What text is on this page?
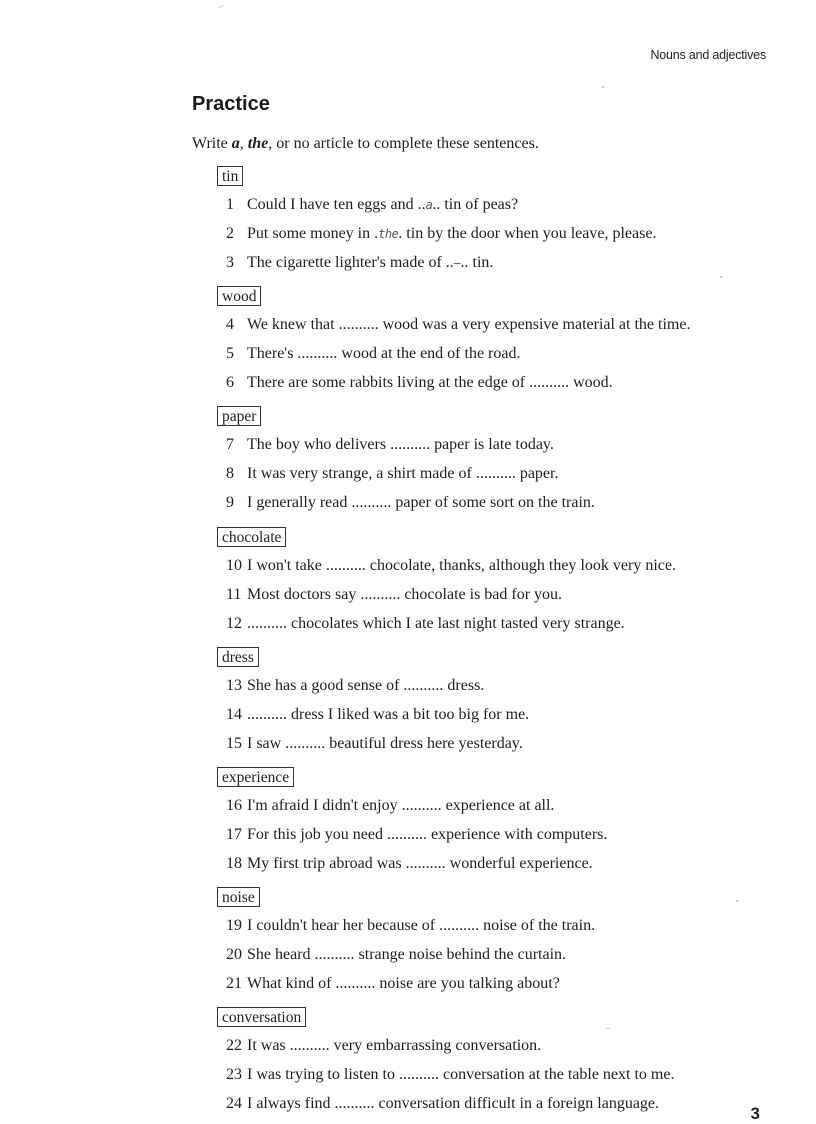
Nouns and adjectives
Practice
Write a, the, or no article to complete these sentences.
tin
1 Could I have ten eggs and ..a.. tin of peas?
2 Put some money in .the. tin by the door when you leave, please.
3 The cigarette lighter's made of ..–.. tin.
wood
4 We knew that .......... wood was a very expensive material at the time.
5 There's .......... wood at the end of the road.
6 There are some rabbits living at the edge of .......... wood.
paper
7 The boy who delivers .......... paper is late today.
8 It was very strange, a shirt made of .......... paper.
9 I generally read .......... paper of some sort on the train.
chocolate
10 I won't take .......... chocolate, thanks, although they look very nice.
11 Most doctors say .......... chocolate is bad for you.
12 .......... chocolates which I ate last night tasted very strange.
dress
13 She has a good sense of .......... dress.
14 .......... dress I liked was a bit too big for me.
15 I saw .......... beautiful dress here yesterday.
experience
16 I'm afraid I didn't enjoy .......... experience at all.
17 For this job you need .......... experience with computers.
18 My first trip abroad was .......... wonderful experience.
noise
19 I couldn't hear her because of .......... noise of the train.
20 She heard .......... strange noise behind the curtain.
21 What kind of .......... noise are you talking about?
conversation
22 It was .......... very embarrassing conversation.
23 I was trying to listen to .......... conversation at the table next to me.
24 I always find .......... conversation difficult in a foreign language.
3
